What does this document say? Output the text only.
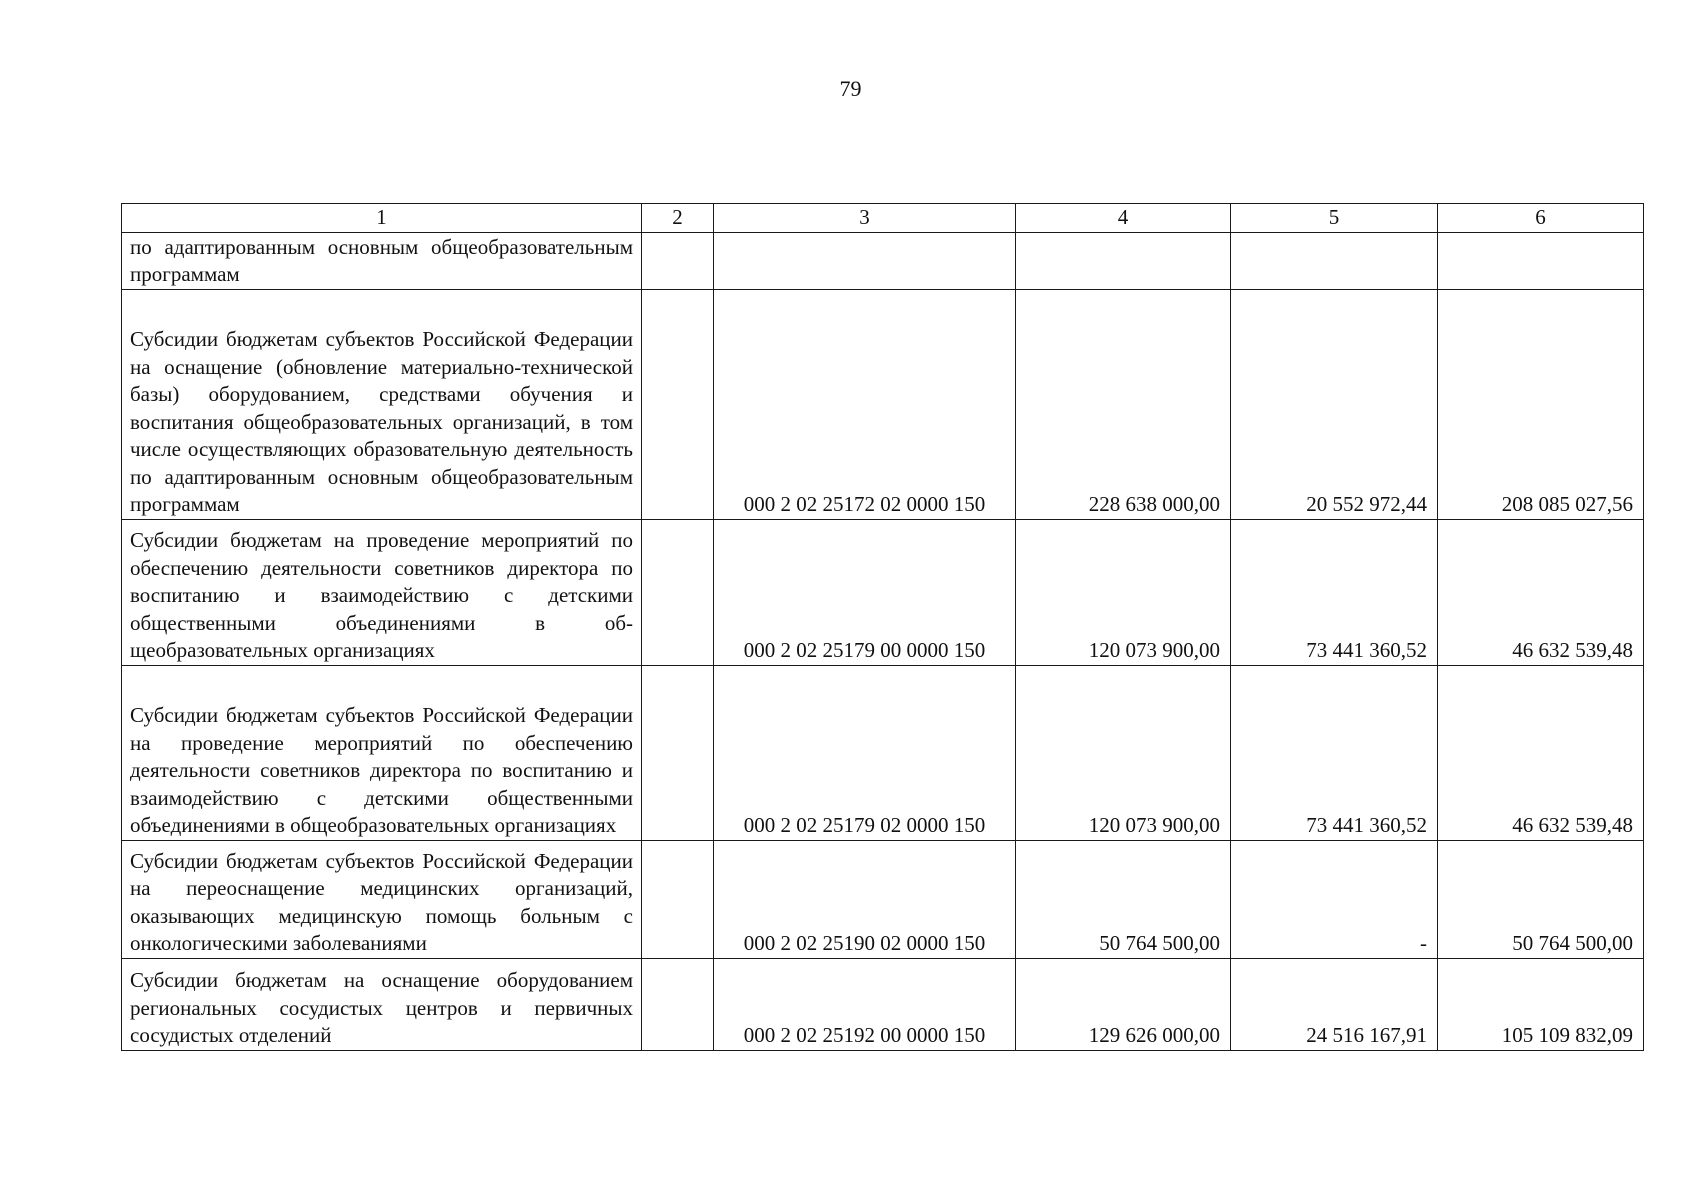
79
1	2	3	4	5	6
по адаптированным основным общеобразовательным программам					
Субсидии бюджетам субъектов Российской Федерации на оснащение (обновление материально-технической базы) оборудованием, средствами обучения и воспитания общеобразовательных организаций, в том числе осуществляющих образовательную деятельность по адаптированным основным общеобразовательным программам		000 2 02 25172 02 0000 150	228 638 000,00	20 552 972,44	208 085 027,56
Субсидии бюджетам на проведение мероприятий по обеспечению деятельности советников директора по воспитанию и взаимодействию с детскими общественными объединениями в общеобразовательных организациях		000 2 02 25179 00 0000 150	120 073 900,00	73 441 360,52	46 632 539,48
Субсидии бюджетам субъектов Российской Федерации на проведение мероприятий по обеспечению деятельности советников директора по воспитанию и взаимодействию с детскими общественными объединениями в общеобразовательных организациях		000 2 02 25179 02 0000 150	120 073 900,00	73 441 360,52	46 632 539,48
Субсидии бюджетам субъектов Российской Федерации на переоснащение медицинских организаций, оказывающих медицинскую помощь больным с онкологическими заболеваниями		000 2 02 25190 02 0000 150	50 764 500,00	-	50 764 500,00
Субсидии бюджетам на оснащение оборудованием региональных сосудистых центров и первичных сосудистых отделений		000 2 02 25192 00 0000 150	129 626 000,00	24 516 167,91	105 109 832,09
